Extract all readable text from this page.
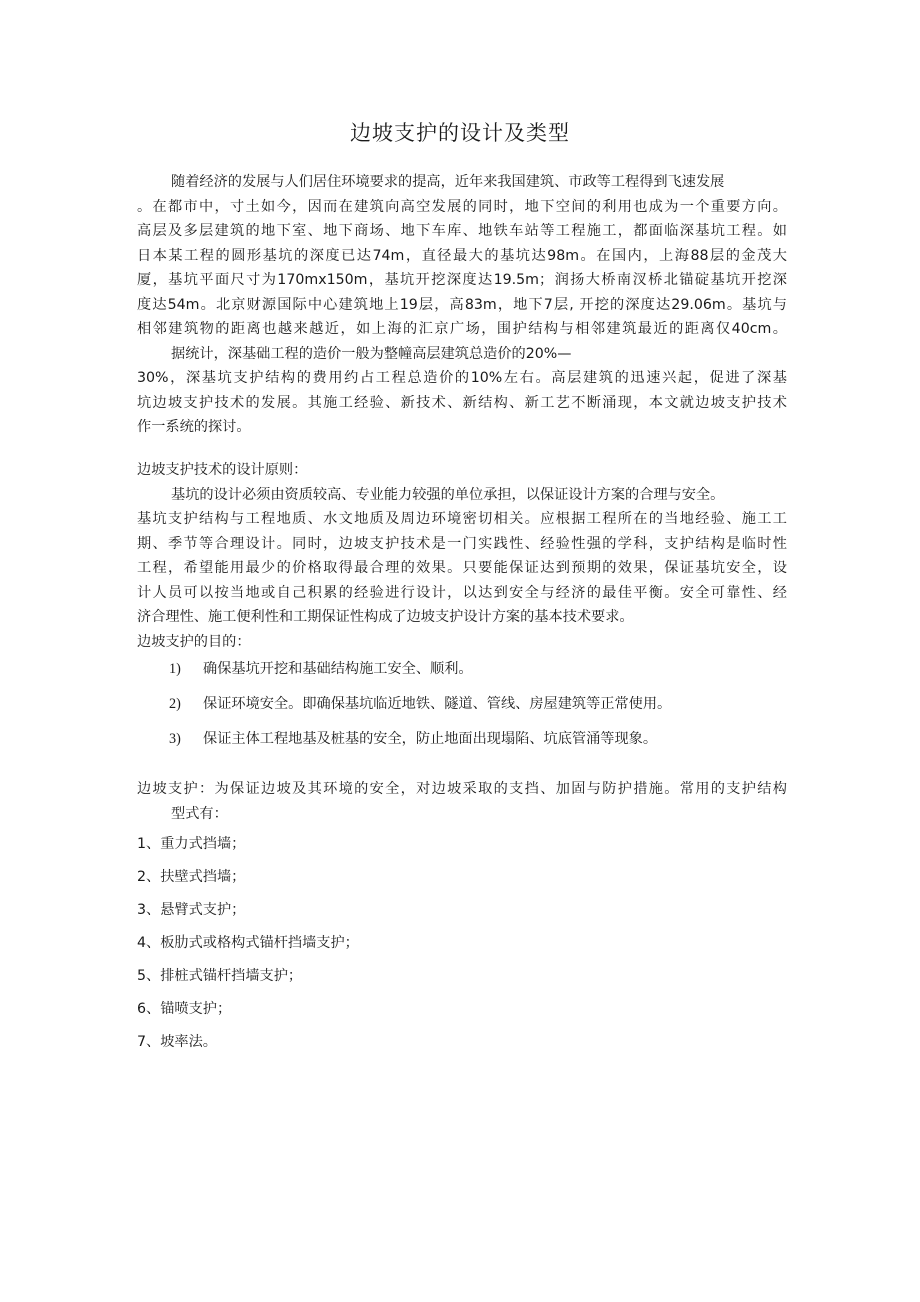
边坡支护的设计及类型
随着经济的发展与人们居住环境要求的提高，近年来我国建筑、市政等工程得到飞速发展
。在都市中，寸土如今，因而在建筑向高空发展的同时，地下空间的利用也成为一个重要方向。
高层及多层建筑的地下室、地下商场、地下车库、地铁车站等工程施工，都面临深基坑工程。如
日本某工程的圆形基坑的深度已达74m，直径最大的基坑达98m。在国内，上海88层的金茂大
厦，基坑平面尺寸为170mx150m，基坑开挖深度达19.5m；润扬大桥南汊桥北锚碇基坑开挖深
度达54m。北京财源国际中心建筑地上19层，高83m，地下7层, 开挖的深度达29.06m。基坑与
相邻建筑物的距离也越来越近，如上海的汇京广场，围护结构与相邻建筑最近的距离仅40cm。
据统计，深基础工程的造价一般为整幢高层建筑总造价的20%—
30%，深基坑支护结构的费用约占工程总造价的10%左右。高层建筑的迅速兴起，促进了深基
坑边坡支护技术的发展。其施工经验、新技术、新结构、新工艺不断涌现，本文就边坡支护技术
作一系统的探讨。
边坡支护技术的设计原则：
基坑的设计必须由资质较高、专业能力较强的单位承担，以保证设计方案的合理与安全。
基坑支护结构与工程地质、水文地质及周边环境密切相关。应根据工程所在的当地经验、施工工
期、季节等合理设计。同时，边坡支护技术是一门实践性、经验性强的学科，支护结构是临时性
工程，希望能用最少的价格取得最合理的效果。只要能保证达到预期的效果，保证基坑安全，设
计人员可以按当地或自己积累的经验进行设计，以达到安全与经济的最佳平衡。安全可靠性、经
济合理性、施工便利性和工期保证性构成了边坡支护设计方案的基本技术要求。
边坡支护的目的：
1) 确保基坑开挖和基础结构施工安全、顺利。
2) 保证环境安全。即确保基坑临近地铁、隧道、管线、房屋建筑等正常使用。
3) 保证主体工程地基及桩基的安全，防止地面出现塌陷、坑底管涌等现象。
边坡支护：为保证边坡及其环境的安全，对边坡采取的支挡、加固与防护措施。常用的支护结构
型式有：
1、重力式挡墙；
2、扶壁式挡墙；
3、悬臂式支护；
4、板肋式或格构式锚杆挡墙支护；
5、排桩式锚杆挡墙支护；
6、锚喷支护；
7、坡率法。
